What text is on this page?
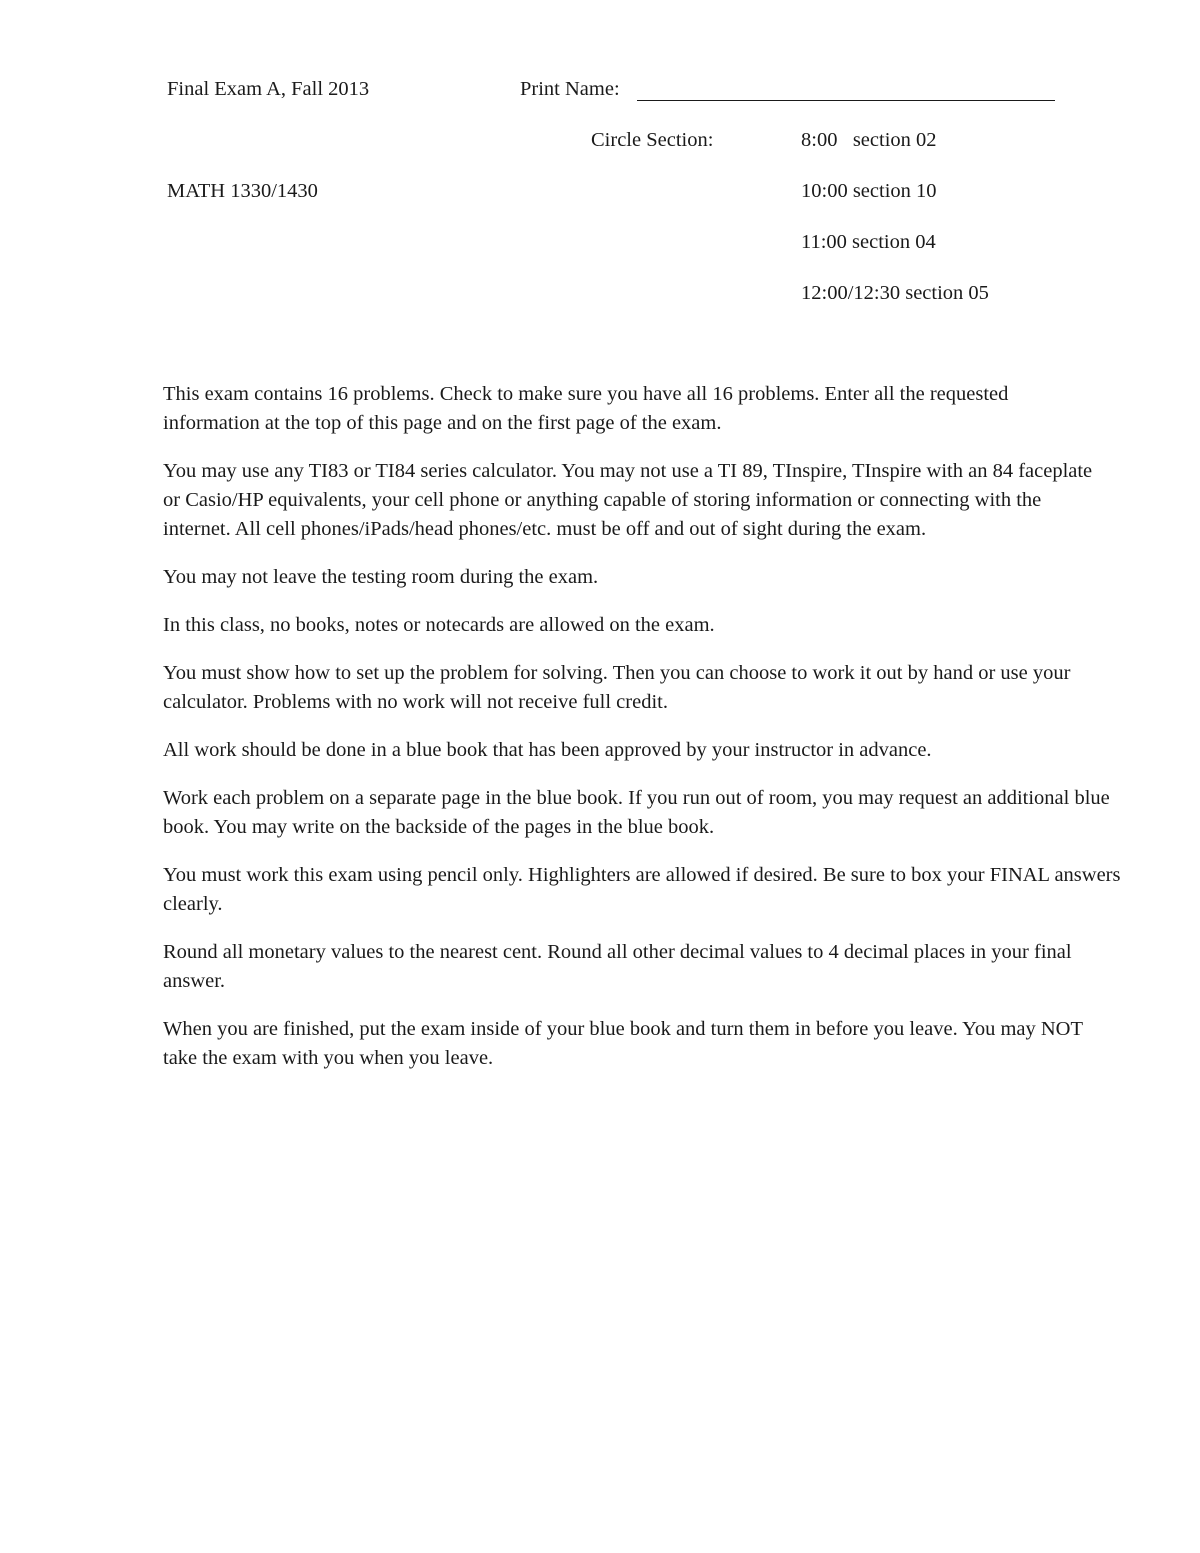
Final Exam A, Fall 2013	Print Name:
Circle Section:
MATH 1330/1430
8:00   section 02
10:00 section 10
11:00 section 04
12:00/12:30 section 05

This exam contains 16 problems. Check to make sure you have all 16 problems. Enter all the requested information at the top of this page and on the first page of the exam.

You may use any TI83 or TI84 series calculator. You may not use a TI 89, TInspire, TInspire with an 84 faceplate or Casio/HP equivalents, your cell phone or anything capable of storing information or connecting with the internet. All cell phones/iPads/head phones/etc. must be off and out of sight during the exam.

You may not leave the testing room during the exam.

In this class, no books, notes or notecards are allowed on the exam.

You must show how to set up the problem for solving. Then you can choose to work it out by hand or use your calculator. Problems with no work will not receive full credit.

All work should be done in a blue book that has been approved by your instructor in advance.

Work each problem on a separate page in the blue book. If you run out of room, you may request an additional blue book. You may write on the backside of the pages in the blue book.

You must work this exam using pencil only. Highlighters are allowed if desired. Be sure to box your FINAL answers clearly.

Round all monetary values to the nearest cent. Round all other decimal values to 4 decimal places in your final answer.

When you are finished, put the exam inside of your blue book and turn them in before you leave. You may NOT take the exam with you when you leave.
